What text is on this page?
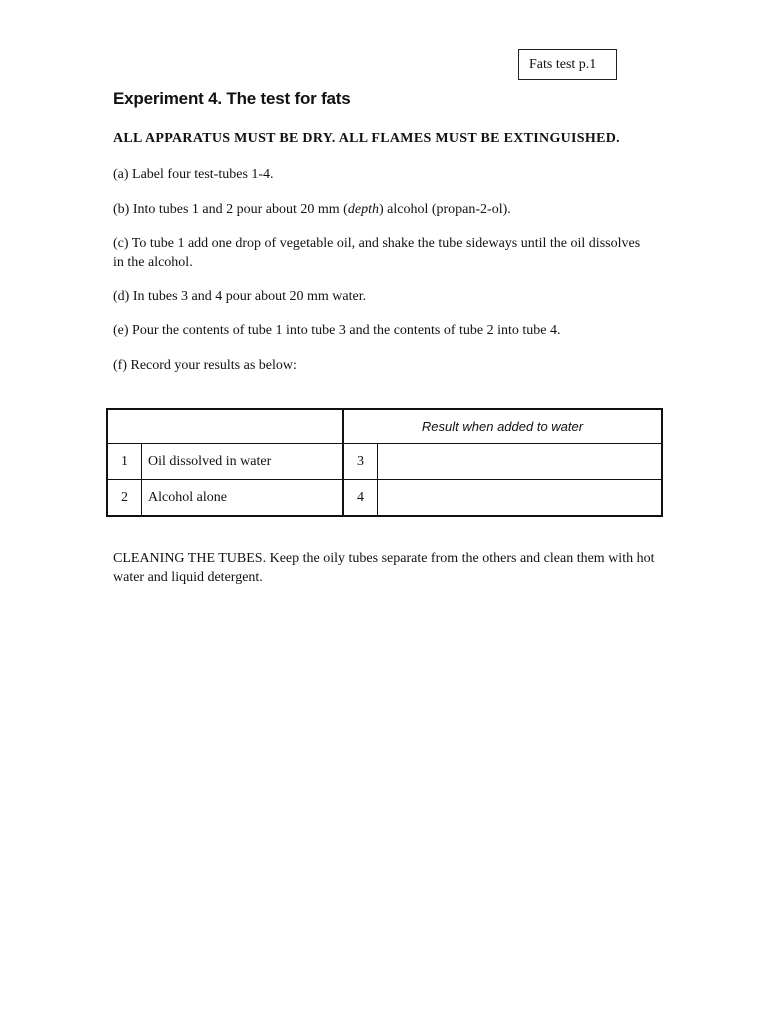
Fats test p.1
Experiment 4. The test for fats

ALL APPARATUS MUST BE DRY. ALL FLAMES MUST BE EXTINGUISHED.

(a) Label four test-tubes 1-4.

(b) Into tubes 1 and 2 pour about 20 mm (depth) alcohol (propan-2-ol).

(c) To tube 1 add one drop of vegetable oil, and shake the tube sideways until the oil dissolves in the alcohol.

(d) In tubes 3 and 4 pour about 20 mm water.

(e) Pour the contents of tube 1 into tube 3 and the contents of tube 2 into tube 4.

(f) Record your results as below:

		Result when added to water	
1	Oil dissolved in water	3	
2	Alcohol alone	4	

CLEANING THE TUBES. Keep the oily tubes separate from the others and clean them with hot water and liquid detergent.
